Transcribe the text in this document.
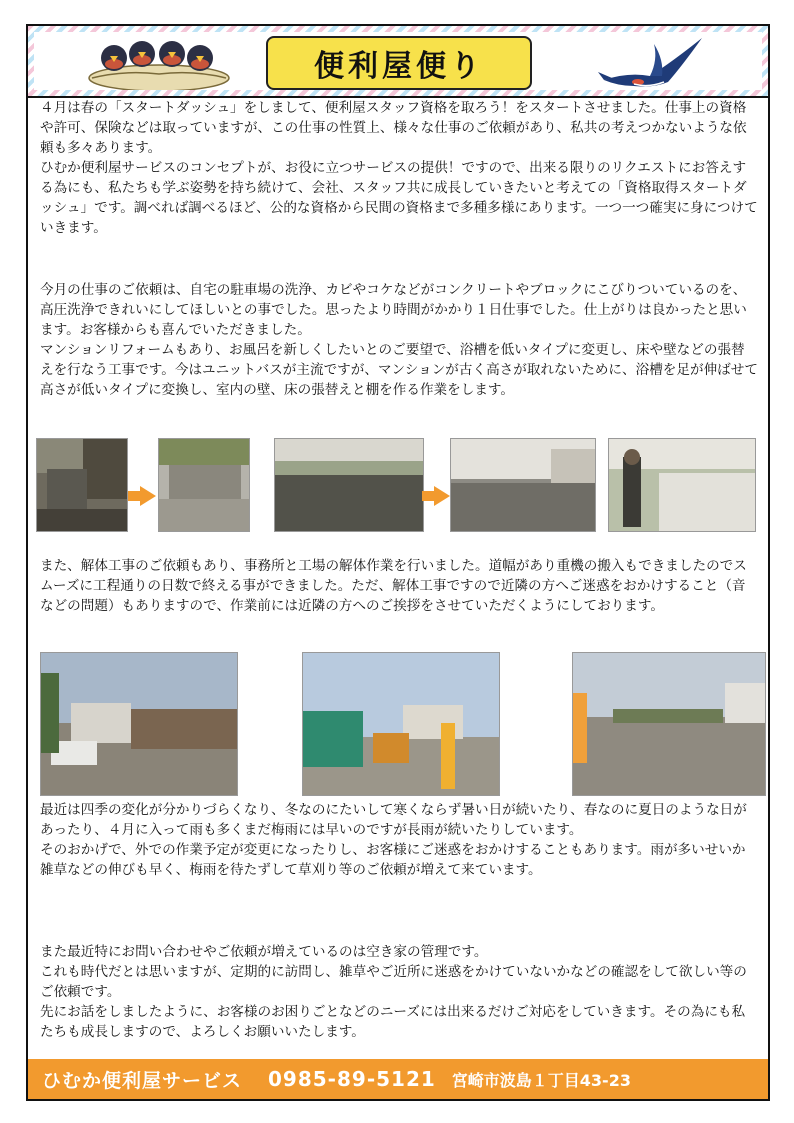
便利屋便り

４月は春の「スタートダッシュ」をしまして、便利屋スタッフ資格を取ろう！をスタートさせました。仕事上の資格や許可、保険などは取っていますが、この仕事の性質上、様々な仕事のご依頼があり、私共の考えつかないような依頼も多々あります。

ひむか便利屋サービスのコンセプトが、お役に立つサービスの提供！ですので、出来る限りのリクエストにお答えする為にも、私たちも学ぶ姿勢を持ち続けて、会社、スタッフ共に成長していきたいと考えての「資格取得スタートダッシュ」です。調べれば調べるほど、公的な資格から民間の資格まで多種多様にあります。一つ一つ確実に身につけていきます。

今月の仕事のご依頼は、自宅の駐車場の洗浄、カビやコケなどがコンクリートやブロックにこびりついているのを、高圧洗浄できれいにしてほしいとの事でした。思ったより時間がかかり１日仕事でした。仕上がりは良かったと思います。お客様からも喜んでいただきました。

マンションリフォームもあり、お風呂を新しくしたいとのご要望で、浴槽を低いタイプに変更し、床や壁などの張替えを行なう工事です。今はユニットバスが主流ですが、マンションが古く高さが取れないために、浴槽を足が伸ばせて高さが低いタイプに変換し、室内の壁、床の張替えと棚を作る作業をします。

また、解体工事のご依頼もあり、事務所と工場の解体作業を行いました。道幅があり重機の搬入もできましたのでスムーズに工程通りの日数で終える事ができました。ただ、解体工事ですので近隣の方へご迷惑をおかけすること（音などの問題）もありますので、作業前には近隣の方へのご挨拶をさせていただくようにしております。

最近は四季の変化が分かりづらくなり、冬なのにたいして寒くならず暑い日が続いたり、春なのに夏日のような日があったり、４月に入って雨も多くまだ梅雨には早いのですが長雨が続いたりしています。

そのおかげで、外での作業予定が変更になったりし、お客様にご迷惑をおかけすることもあります。雨が多いせいか雑草などの伸びも早く、梅雨を待たずして草刈り等のご依頼が増えて来ています。

また最近特にお問い合わせやご依頼が増えているのは空き家の管理です。

これも時代だとは思いますが、定期的に訪問し、雑草やご近所に迷惑をかけていないかなどの確認をして欲しい等のご依頼です。

先にお話をしましたように、お客様のお困りごとなどのニーズには出来るだけご対応をしていきます。その為にも私たちも成長しますので、よろしくお願いいたします。

ひむか便利屋サービス 0985-89-5121 宮崎市波島１丁目43-23
